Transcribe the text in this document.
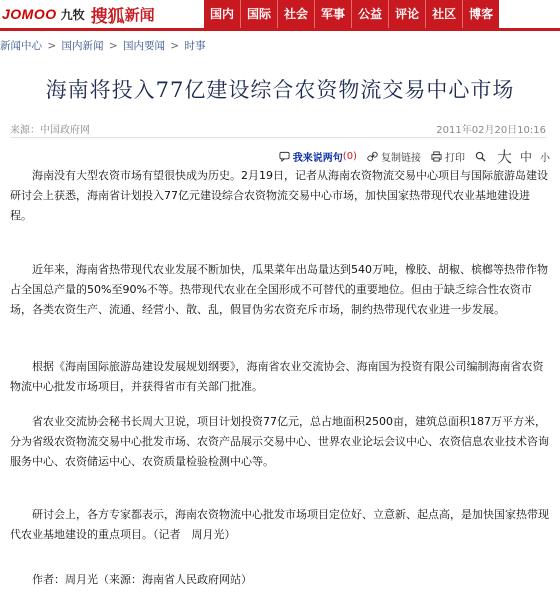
JOMOO 九牧 搜狐 新闻	国内	国际	社会	军事	公益	评论	社区	博客
新闻中心 > 国内新闻 > 国内要闻 > 时事
海南将投入77亿建设综合农资物流交易中心市场
来源：中国政府网	2011年02月20日10:16
我来说两句 (0) 复制链接 打印 大 中 小

海南没有大型农资市场有望很快成为历史。2月19日，记者从海南农资物流交易中心项目与国际旅游岛建设研讨会上获悉，海南省计划投入77亿元建设综合农资物流交易中心市场，加快国家热带现代农业基地建设进程。

近年来，海南省热带现代农业发展不断加快，瓜果菜年出岛量达到540万吨，橡胶、胡椒、槟榔等热带作物占全国总产量的50%至90%不等。热带现代农业在全国形成不可替代的重要地位。但由于缺乏综合性农资市场，各类农资生产、流通、经营小、散、乱，假冒伪劣农资充斥市场，制约热带现代农业进一步发展。

根据《海南国际旅游岛建设发展规划纲要》，海南省农业交流协会、海南国为投资有限公司编制海南省农资物流中心批发市场项目，并获得省市有关部门批准。

省农业交流协会秘书长周大卫说，项目计划投资77亿元，总占地面积2500亩，建筑总面积187万平方米，分为省级农资物流交易中心批发市场、农资产品展示交易中心、世界农业论坛会议中心、农资信息农业技术咨询服务中心、农资储运中心、农资质量检验检测中心等。

研讨会上，各方专家都表示，海南农资物流中心批发市场项目定位好、立意新、起点高，是加快国家热带现代农业基地建设的重点项目。（记者　周月光）

作者：周月光（来源：海南省人民政府网站）
